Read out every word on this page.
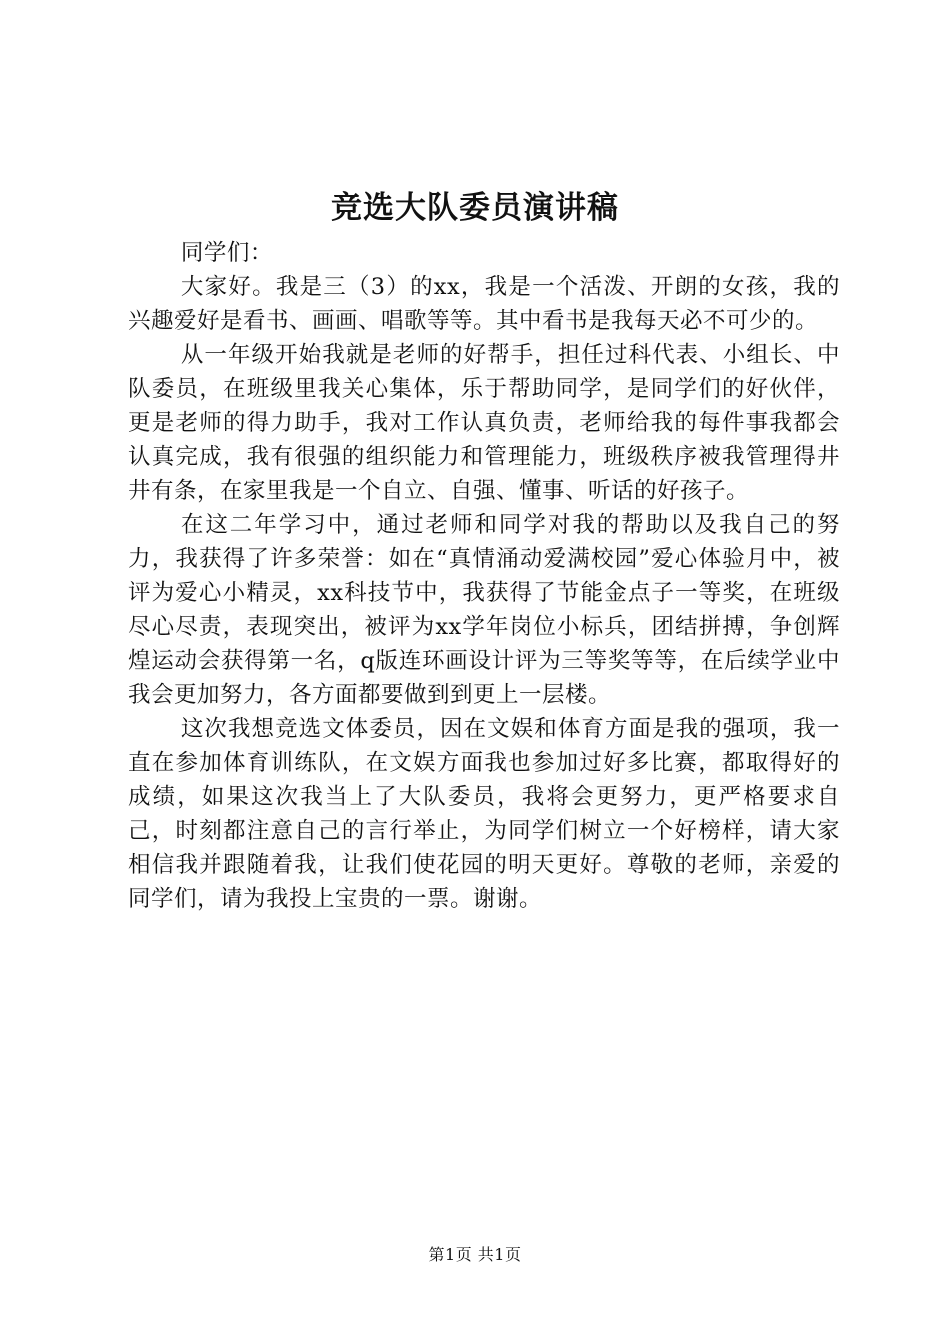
竞选大队委员演讲稿

同学们：

大家好。我是三（3）的xx，我是一个活泼、开朗的女孩，我的兴趣爱好是看书、画画、唱歌等等。其中看书是我每天必不可少的。

从一年级开始我就是老师的好帮手，担任过科代表、小组长、中队委员，在班级里我关心集体，乐于帮助同学，是同学们的好伙伴，更是老师的得力助手，我对工作认真负责，老师给我的每件事我都会认真完成，我有很强的组织能力和管理能力，班级秩序被我管理得井井有条，在家里我是一个自立、自强、懂事、听话的好孩子。

在这二年学习中，通过老师和同学对我的帮助以及我自己的努力，我获得了许多荣誉：如在“真情涌动爱满校园”爱心体验月中，被评为爱心小精灵，xx科技节中，我获得了节能金点子一等奖，在班级尽心尽责，表现突出，被评为xx学年岗位小标兵，团结拼搏，争创辉煌运动会获得第一名，q版连环画设计评为三等奖等等，在后续学业中我会更加努力，各方面都要做到到更上一层楼。

这次我想竞选文体委员，因在文娱和体育方面是我的强项，我一直在参加体育训练队，在文娱方面我也参加过好多比赛，都取得好的成绩，如果这次我当上了大队委员，我将会更努力，更严格要求自己，时刻都注意自己的言行举止，为同学们树立一个好榜样，请大家相信我并跟随着我，让我们使花园的明天更好。尊敬的老师，亲爱的同学们，请为我投上宝贵的一票。谢谢。

第1页 共1页
